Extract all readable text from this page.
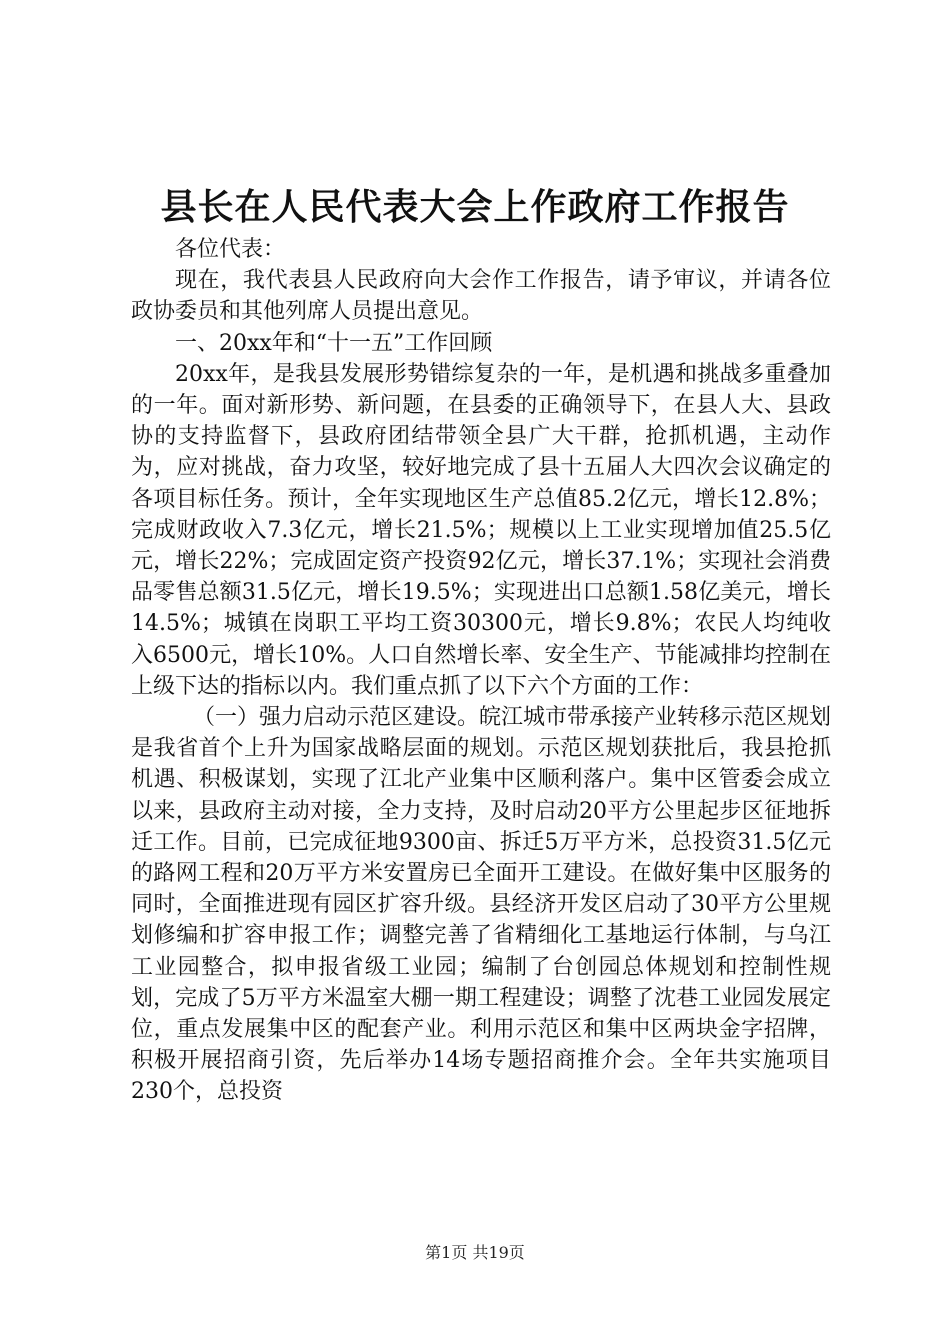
县长在人民代表大会上作政府工作报告

各位代表：

现在，我代表县人民政府向大会作工作报告，请予审议，并请各位政协委员和其他列席人员提出意见。

一、20xx年和“十一五”工作回顾

20xx年，是我县发展形势错综复杂的一年，是机遇和挑战多重叠加的一年。面对新形势、新问题，在县委的正确领导下，在县人大、县政协的支持监督下，县政府团结带领全县广大干群，抢抓机遇，主动作为，应对挑战，奋力攻坚，较好地完成了县十五届人大四次会议确定的各项目标任务。预计，全年实现地区生产总值85.2亿元，增长12.8%；完成财政收入7.3亿元，增长21.5%；规模以上工业实现增加值25.5亿元，增长22%；完成固定资产投资92亿元，增长37.1%；实现社会消费品零售总额31.5亿元，增长19.5%；实现进出口总额1.58亿美元，增长14.5%；城镇在岗职工平均工资30300元，增长9.8%；农民人均纯收入6500元，增长10%。人口自然增长率、安全生产、节能减排均控制在上级下达的指标以内。我们重点抓了以下六个方面的工作：

（一）强力启动示范区建设。皖江城市带承接产业转移示范区规划是我省首个上升为国家战略层面的规划。示范区规划获批后，我县抢抓机遇、积极谋划，实现了江北产业集中区顺利落户。集中区管委会成立以来，县政府主动对接，全力支持，及时启动20平方公里起步区征地拆迁工作。目前，已完成征地9300亩、拆迁5万平方米，总投资31.5亿元的路网工程和20万平方米安置房已全面开工建设。在做好集中区服务的同时，全面推进现有园区扩容升级。县经济开发区启动了30平方公里规划修编和扩容申报工作；调整完善了省精细化工基地运行体制，与乌江工业园整合，拟申报省级工业园；编制了台创园总体规划和控制性规划，完成了5万平方米温室大棚一期工程建设；调整了沈巷工业园发展定位，重点发展集中区的配套产业。利用示范区和集中区两块金字招牌，积极开展招商引资，先后举办14场专题招商推介会。全年共实施项目230个，总投资

第1页 共19页
